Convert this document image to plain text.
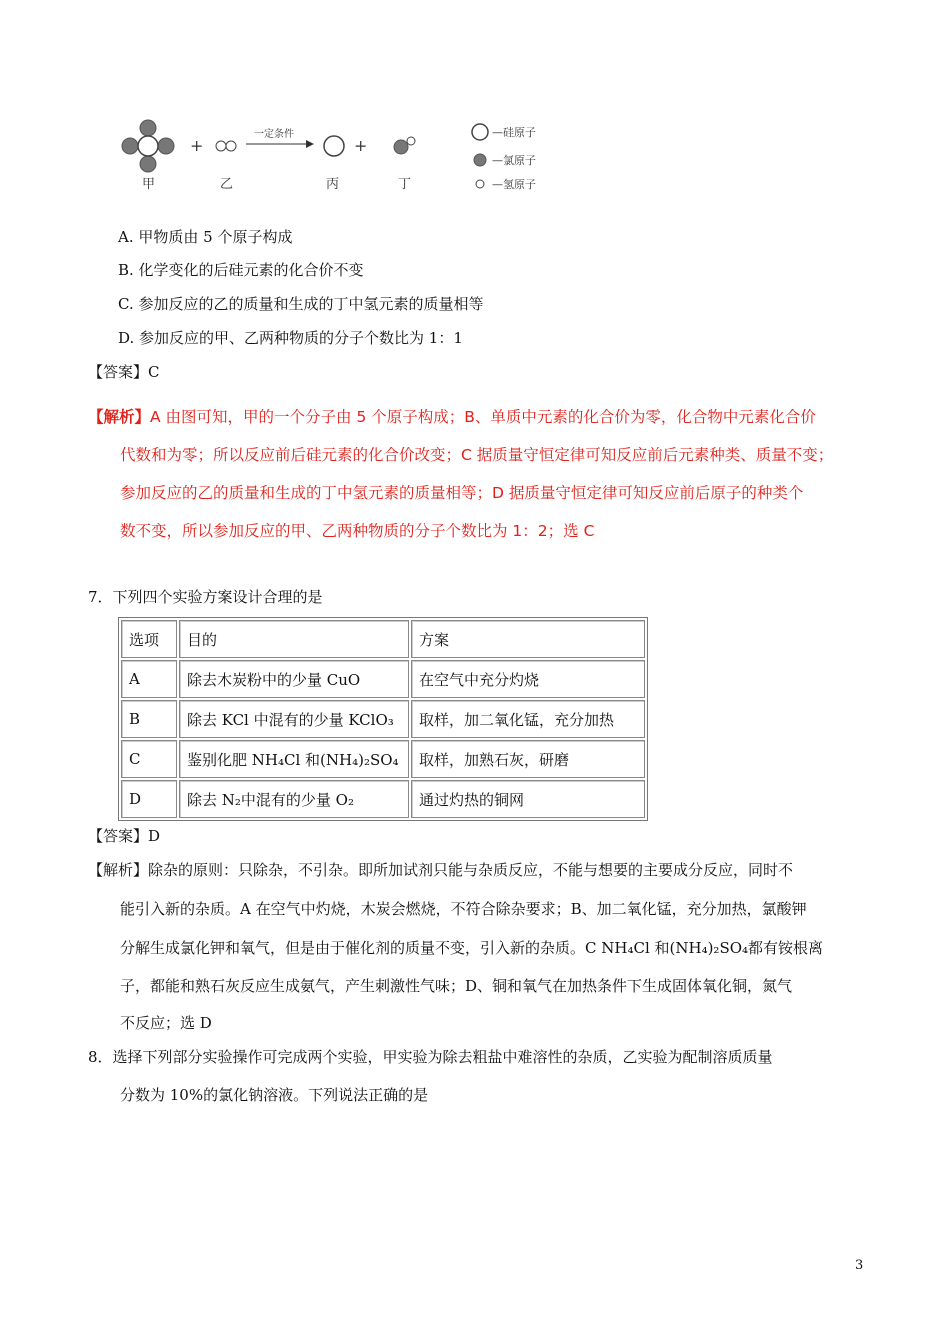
+
一定条件
+
—硅原子
—氯原子
—氢原子
甲	乙	丙	丁
A. 甲物质由 5 个原子构成
B. 化学变化的后硅元素的化合价不变
C. 参加反应的乙的质量和生成的丁中氢元素的质量相等
D. 参加反应的甲、乙两种物质的分子个数比为 1：1
【答案】C
【解析】A 由图可知，甲的一个分子由 5 个原子构成；B、单质中元素的化合价为零，化合物中元素化合价
代数和为零；所以反应前后硅元素的化合价改变；C 据质量守恒定律可知反应前后元素种类、质量不变；
参加反应的乙的质量和生成的丁中氢元素的质量相等；D 据质量守恒定律可知反应前后原子的种类个
数不变，所以参加反应的甲、乙两种物质的分子个数比为 1：2；选 C
7．下列四个实验方案设计合理的是
选项	目的	方案
A	除去木炭粉中的少量 CuO	在空气中充分灼烧
B	除去 KCl 中混有的少量 KClO₃	取样，加二氧化锰，充分加热
C	鉴别化肥 NH₄Cl 和(NH₄)₂SO₄	取样，加熟石灰，研磨
D	除去 N₂中混有的少量 O₂	通过灼热的铜网
【答案】D
【解析】除杂的原则：只除杂，不引杂。即所加试剂只能与杂质反应，不能与想要的主要成分反应，同时不
能引入新的杂质。A 在空气中灼烧，木炭会燃烧，不符合除杂要求；B、加二氧化锰，充分加热，氯酸钾
分解生成氯化钾和氧气，但是由于催化剂的质量不变，引入新的杂质。C NH₄Cl 和(NH₄)₂SO₄都有铵根离
子，都能和熟石灰反应生成氨气，产生刺激性气味；D、铜和氧气在加热条件下生成固体氧化铜，氮气
不反应；选 D
8．选择下列部分实验操作可完成两个实验，甲实验为除去粗盐中难溶性的杂质，乙实验为配制溶质质量
分数为 10%的氯化钠溶液。下列说法正确的是
3
